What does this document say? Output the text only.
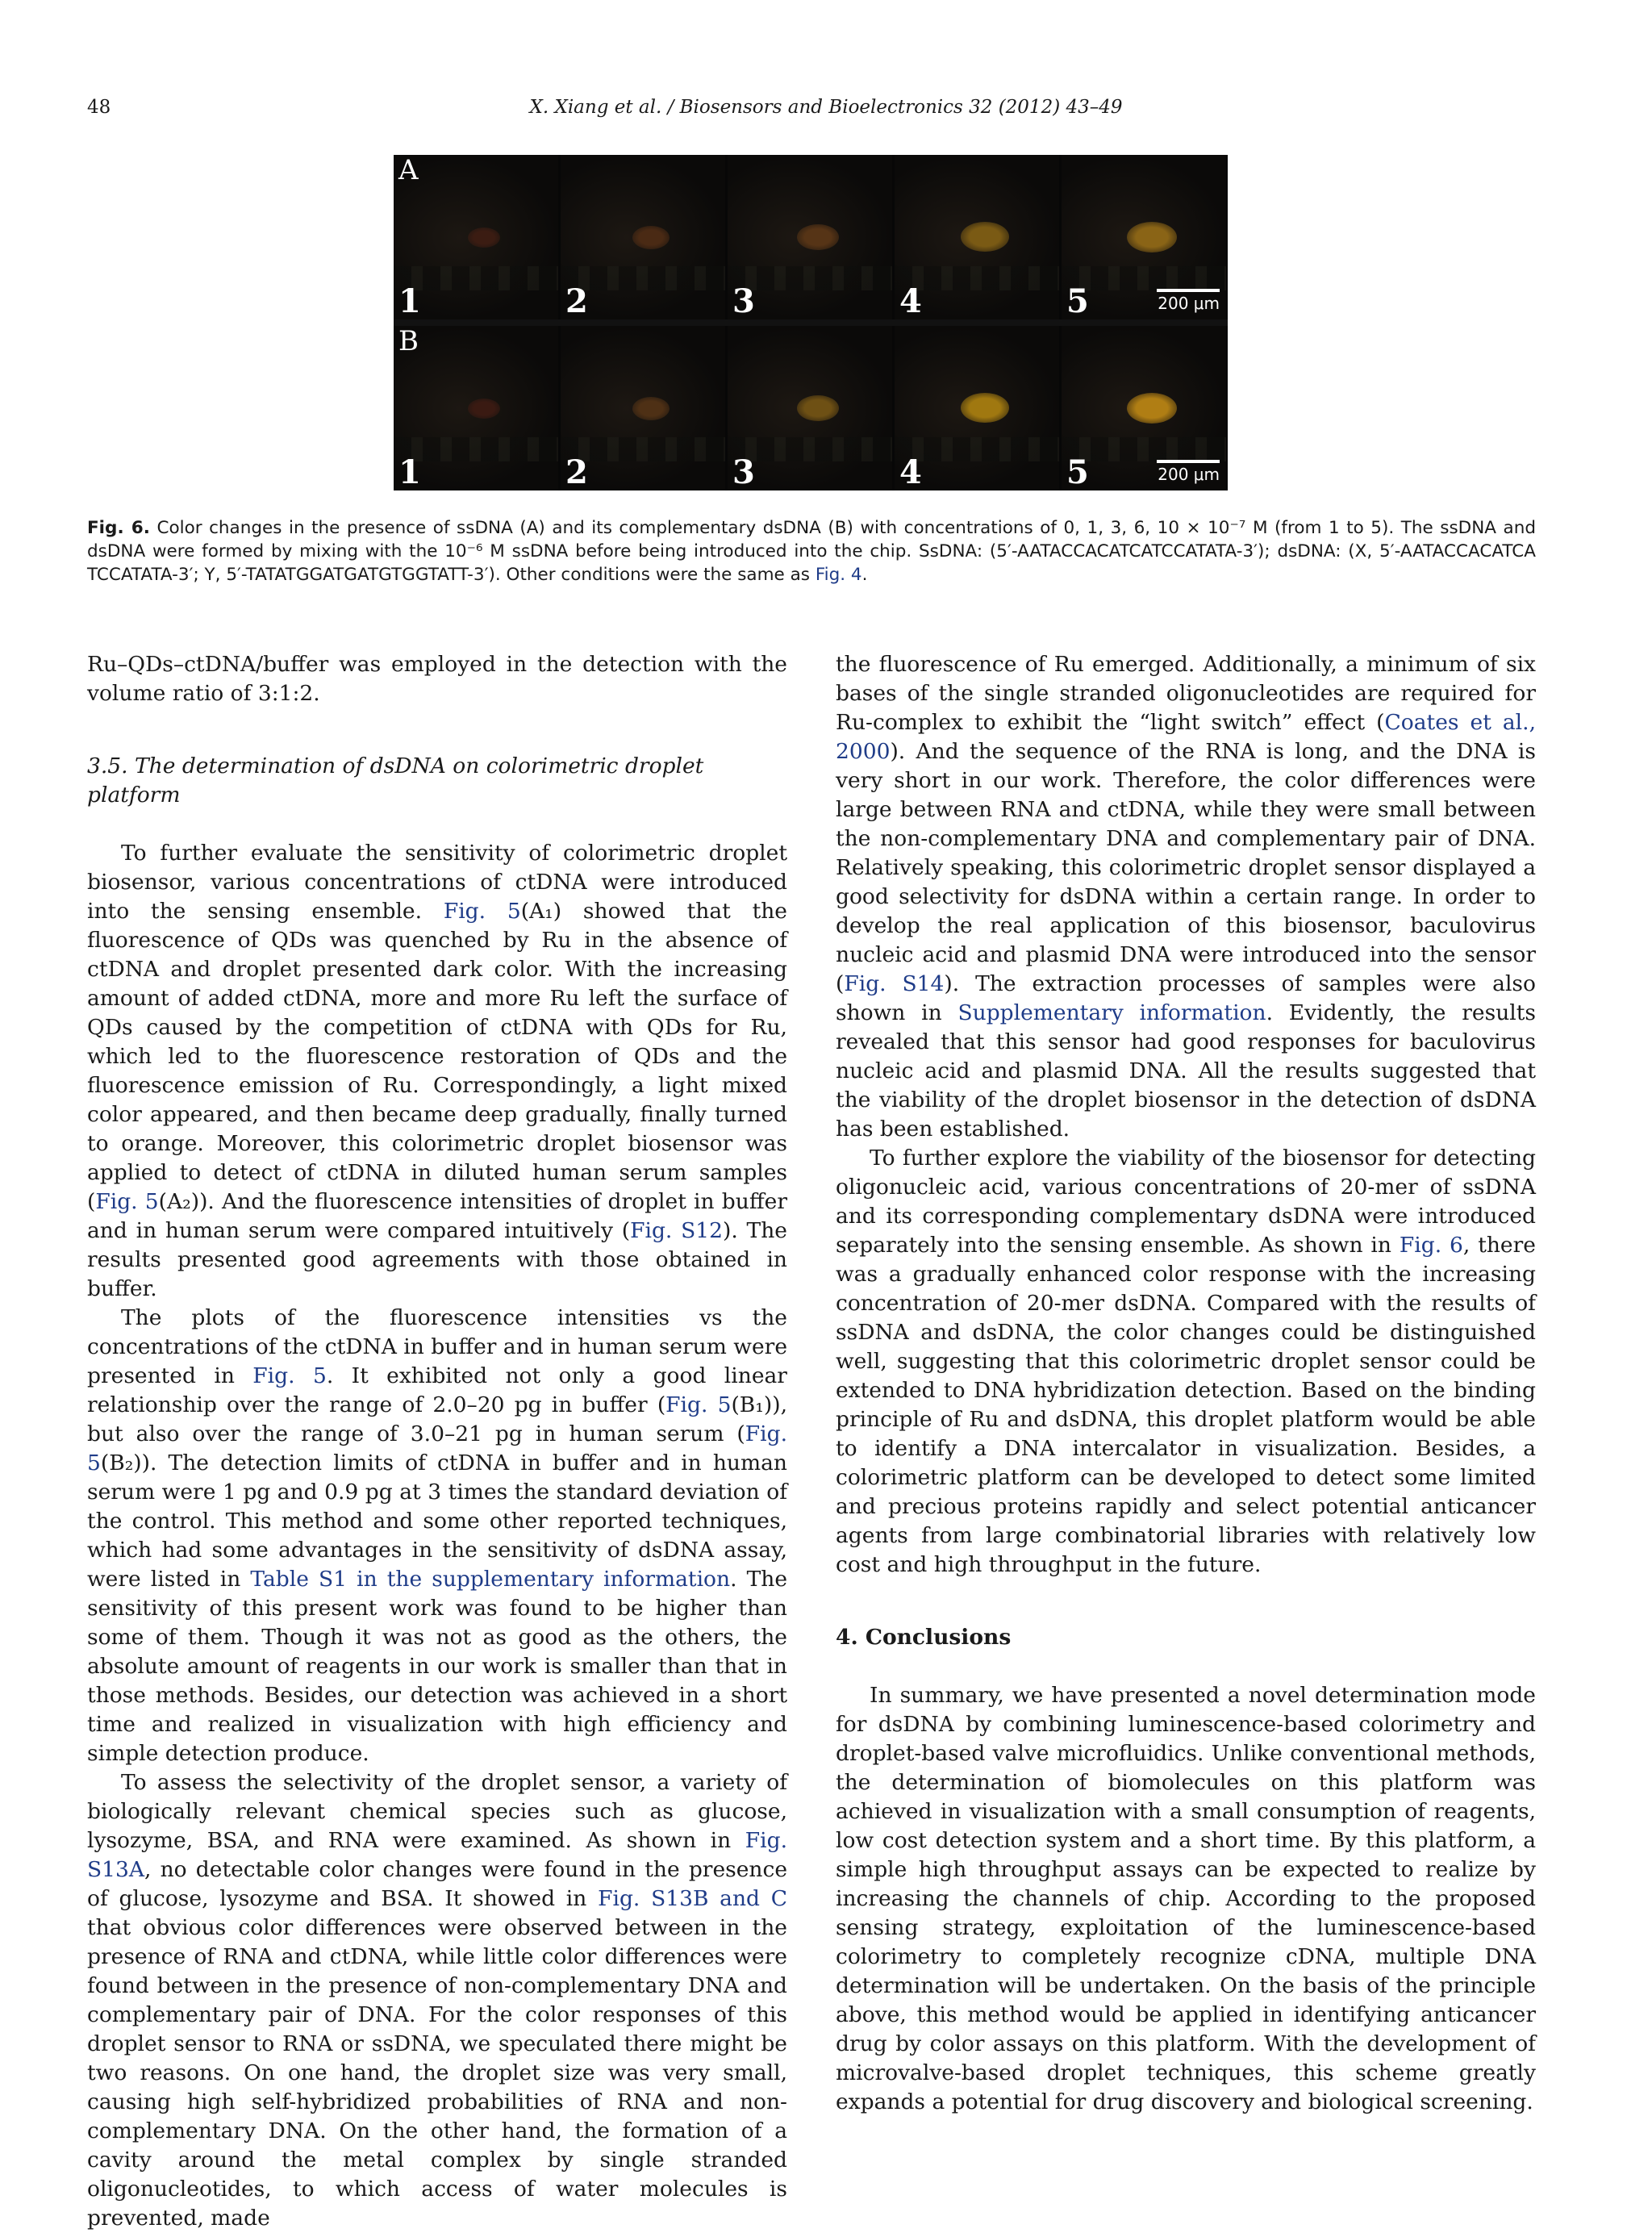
48	X. Xiang et al. / Biosensors and Bioelectronics 32 (2012) 43–49
A
1	2	3	4	5	200 μm
B
1	2	3	4	5	200 μm
Fig. 6. Color changes in the presence of ssDNA (A) and its complementary dsDNA (B) with concentrations of 0, 1, 3, 6, 10 × 10⁻⁷ M (from 1 to 5). The ssDNA and dsDNA were formed by mixing with the 10⁻⁶ M ssDNA before being introduced into the chip. SsDNA: (5′-AATACCACATCATCCATATA-3′); dsDNA: (X, 5′-AATACCACATCA TCCATATA-3′; Y, 5′-TATATGGATGATGTGGTATT-3′). Other conditions were the same as Fig. 4.

Ru–QDs–ctDNA/buffer was employed in the detection with the volume ratio of 3:1:2.

3.5. The determination of dsDNA on colorimetric droplet platform

To further evaluate the sensitivity of colorimetric droplet biosensor, various concentrations of ctDNA were introduced into the sensing ensemble. Fig. 5(A₁) showed that the fluorescence of QDs was quenched by Ru in the absence of ctDNA and droplet presented dark color. With the increasing amount of added ctDNA, more and more Ru left the surface of QDs caused by the competition of ctDNA with QDs for Ru, which led to the fluorescence restoration of QDs and the fluorescence emission of Ru. Correspondingly, a light mixed color appeared, and then became deep gradually, finally turned to orange. Moreover, this colorimetric droplet biosensor was applied to detect of ctDNA in diluted human serum samples (Fig. 5(A₂)). And the fluorescence intensities of droplet in buffer and in human serum were compared intuitively (Fig. S12). The results presented good agreements with those obtained in buffer.

The plots of the fluorescence intensities vs the concentrations of the ctDNA in buffer and in human serum were presented in Fig. 5. It exhibited not only a good linear relationship over the range of 2.0–20 pg in buffer (Fig. 5(B₁)), but also over the range of 3.0–21 pg in human serum (Fig. 5(B₂)). The detection limits of ctDNA in buffer and in human serum were 1 pg and 0.9 pg at 3 times the standard deviation of the control. This method and some other reported techniques, which had some advantages in the sensitivity of dsDNA assay, were listed in Table S1 in the supplementary information. The sensitivity of this present work was found to be higher than some of them. Though it was not as good as the others, the absolute amount of reagents in our work is smaller than that in those methods. Besides, our detection was achieved in a short time and realized in visualization with high efficiency and simple detection produce.

To assess the selectivity of the droplet sensor, a variety of biologically relevant chemical species such as glucose, lysozyme, BSA, and RNA were examined. As shown in Fig. S13A, no detectable color changes were found in the presence of glucose, lysozyme and BSA. It showed in Fig. S13B and C that obvious color differences were observed between in the presence of RNA and ctDNA, while little color differences were found between in the presence of non-complementary DNA and complementary pair of DNA. For the color responses of this droplet sensor to RNA or ssDNA, we speculated there might be two reasons. On one hand, the droplet size was very small, causing high self-hybridized probabilities of RNA and non-complementary DNA. On the other hand, the formation of a cavity around the metal complex by single stranded oligonucleotides, to which access of water molecules is prevented, made

the fluorescence of Ru emerged. Additionally, a minimum of six bases of the single stranded oligonucleotides are required for Ru-complex to exhibit the “light switch” effect (Coates et al., 2000). And the sequence of the RNA is long, and the DNA is very short in our work. Therefore, the color differences were large between RNA and ctDNA, while they were small between the non-complementary DNA and complementary pair of DNA. Relatively speaking, this colorimetric droplet sensor displayed a good selectivity for dsDNA within a certain range. In order to develop the real application of this biosensor, baculovirus nucleic acid and plasmid DNA were introduced into the sensor (Fig. S14). The extraction processes of samples were also shown in Supplementary information. Evidently, the results revealed that this sensor had good responses for baculovirus nucleic acid and plasmid DNA. All the results suggested that the viability of the droplet biosensor in the detection of dsDNA has been established.

To further explore the viability of the biosensor for detecting oligonucleic acid, various concentrations of 20-mer of ssDNA and its corresponding complementary dsDNA were introduced separately into the sensing ensemble. As shown in Fig. 6, there was a gradually enhanced color response with the increasing concentration of 20-mer dsDNA. Compared with the results of ssDNA and dsDNA, the color changes could be distinguished well, suggesting that this colorimetric droplet sensor could be extended to DNA hybridization detection. Based on the binding principle of Ru and dsDNA, this droplet platform would be able to identify a DNA intercalator in visualization. Besides, a colorimetric platform can be developed to detect some limited and precious proteins rapidly and select potential anticancer agents from large combinatorial libraries with relatively low cost and high throughput in the future.

4. Conclusions

In summary, we have presented a novel determination mode for dsDNA by combining luminescence-based colorimetry and droplet-based valve microfluidics. Unlike conventional methods, the determination of biomolecules on this platform was achieved in visualization with a small consumption of reagents, low cost detection system and a short time. By this platform, a simple high throughput assays can be expected to realize by increasing the channels of chip. According to the proposed sensing strategy, exploitation of the luminescence-based colorimetry to completely recognize cDNA, multiple DNA determination will be undertaken. On the basis of the principle above, this method would be applied in identifying anticancer drug by color assays on this platform. With the development of microvalve-based droplet techniques, this scheme greatly expands a potential for drug discovery and biological screening.
